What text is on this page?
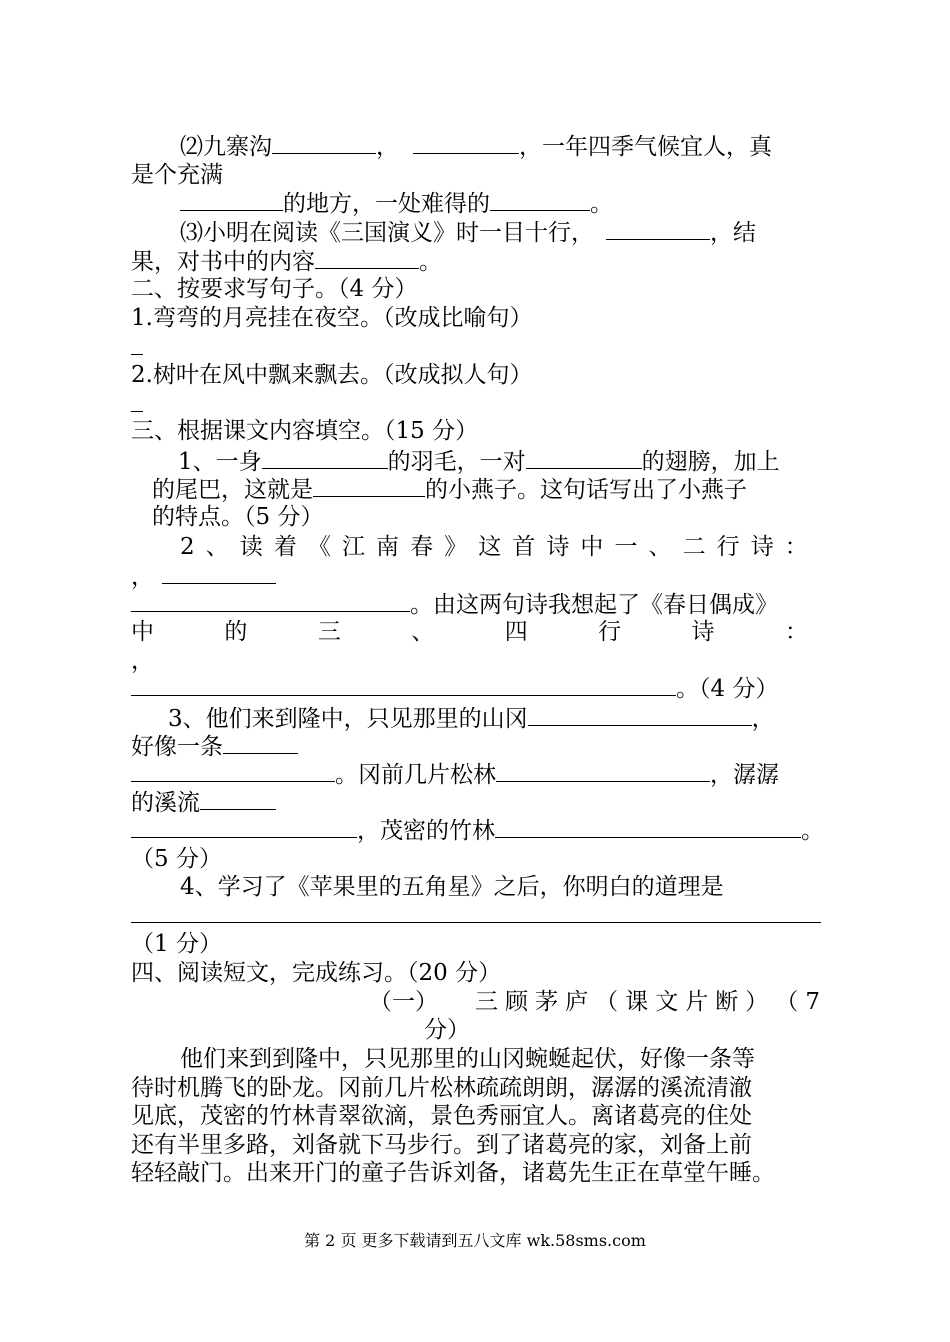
⑵九寨沟	，	，一年四季气候宜人，真
是个充满
的地方，一处难得的	。
⑶小明在阅读《三国演义》时一目十行，	，结
果，对书中的内容	。
二、按要求写句子。（4 分）
1.弯弯的月亮挂在夜空。（改成比喻句）
2.树叶在风中飘来飘去。（改成拟人句）
三、根据课文内容填空。（15 分）
1、一身	的羽毛，一对	的翅膀，加上
的尾巴，这就是	的小燕子。这句话写出了小燕子
的特点。（5 分）
2 、 读 着 《 江 南 春 》 这 首 诗 中 一 、 二 行 诗 ：
，
。由这两句诗我想起了《春日偶成》
中	的	三	、	四	行	诗	：
，
。（4 分）
3、他们来到隆中，只见那里的山冈	，
好像一条
。冈前几片松林	，潺潺
的溪流
，茂密的竹林	。
（5 分）
4、学习了《苹果里的五角星》之后，你明白的道理是
（1 分）
四、阅读短文，完成练习。（20 分）
（一） 三 顾 茅 庐 （ 课 文 片 断 ） （ 7
分）
他们来到到隆中，只见那里的山冈蜿蜒起伏，好像一条等
待时机腾飞的卧龙。冈前几片松林疏疏朗朗，潺潺的溪流清澈
见底，茂密的竹林青翠欲滴，景色秀丽宜人。离诸葛亮的住处
还有半里多路，刘备就下马步行。到了诸葛亮的家，刘备上前
轻轻敲门。出来开门的童子告诉刘备，诸葛先生正在草堂午睡。
第 2 页 更多下载请到五八文库 wk.58sms.com
